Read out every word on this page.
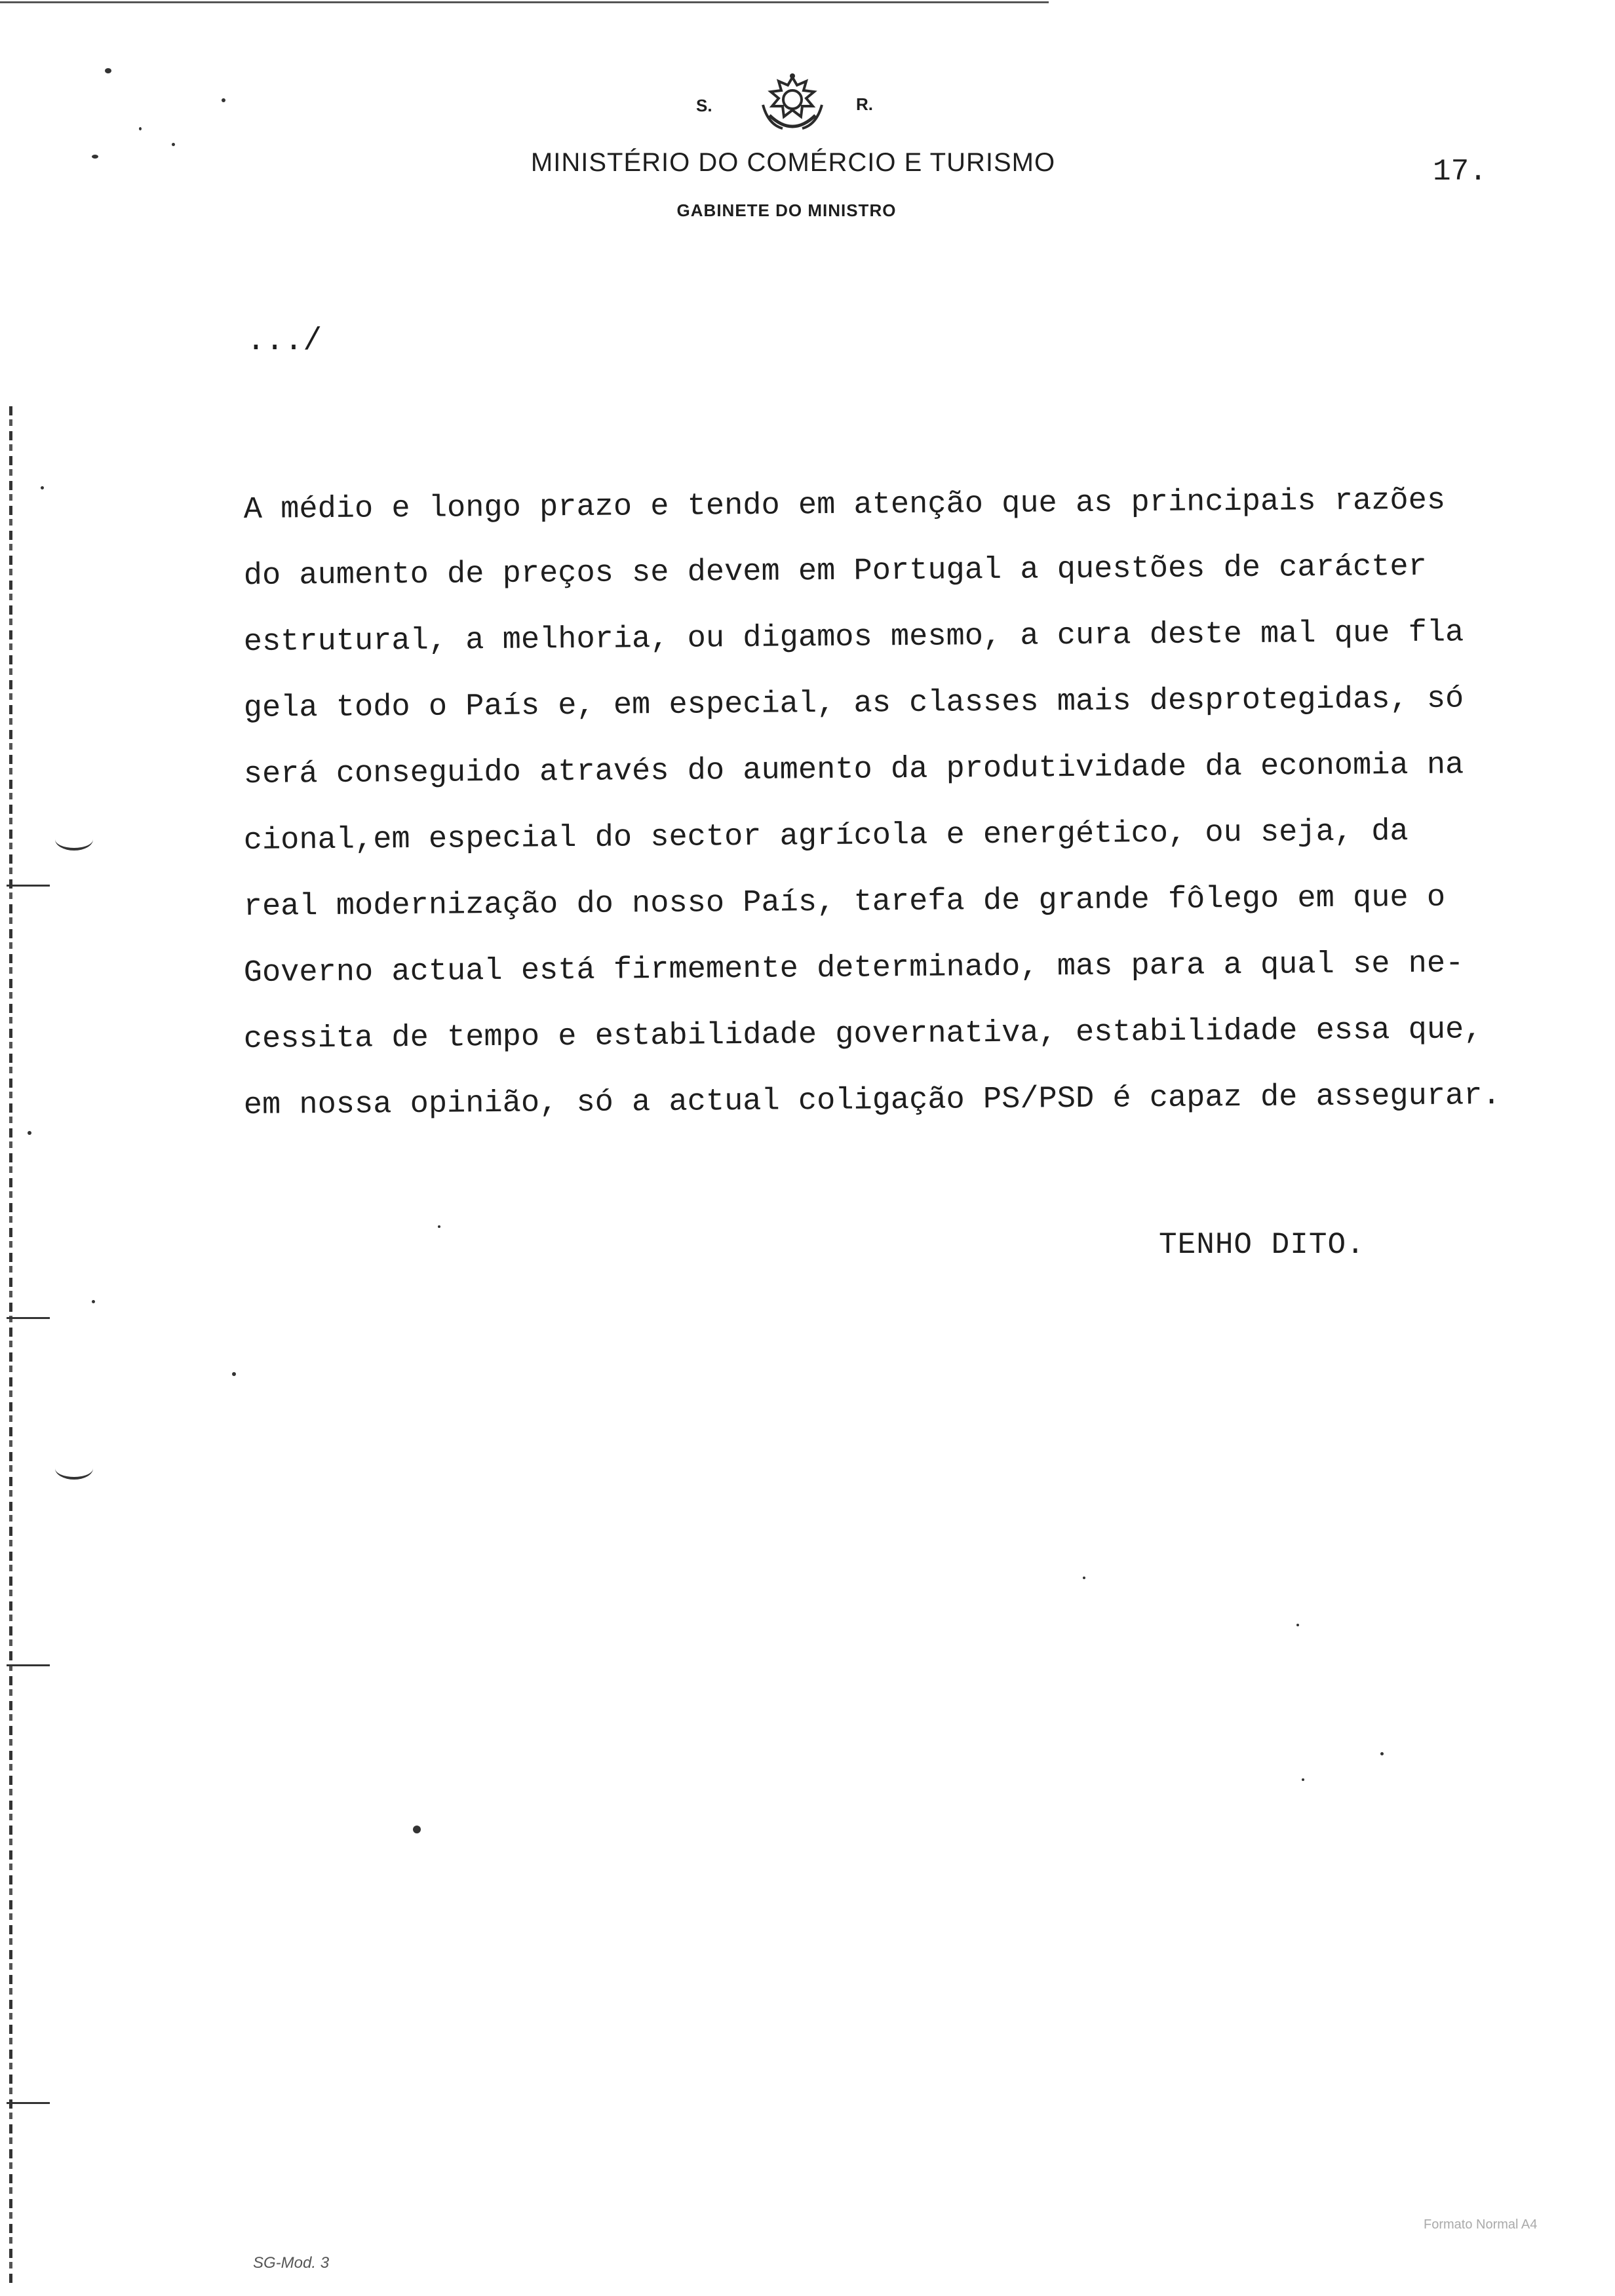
S.	R.
MINISTÉRIO DO COMÉRCIO E TURISMO
GABINETE DO MINISTRO
17.
.../
A médio e longo prazo e tendo em atenção que as principais razões
do aumento de preços se devem em Portugal a questões de carácter
estrutural, a melhoria, ou digamos mesmo, a cura deste mal que fla
gela todo o País e, em especial, as classes mais desprotegidas, só
será conseguido através do aumento da produtividade da economia na
cional,em especial do sector agrícola e energético, ou seja, da
real modernização do nosso País, tarefa de grande fôlego em que o
Governo actual está firmemente determinado, mas para a qual se ne-
cessita de tempo e estabilidade governativa, estabilidade essa que,
em nossa opinião, só a actual coligação PS/PSD é capaz de assegurar.
TENHO DITO.
SG-Mod. 3
Formato Normal A4
